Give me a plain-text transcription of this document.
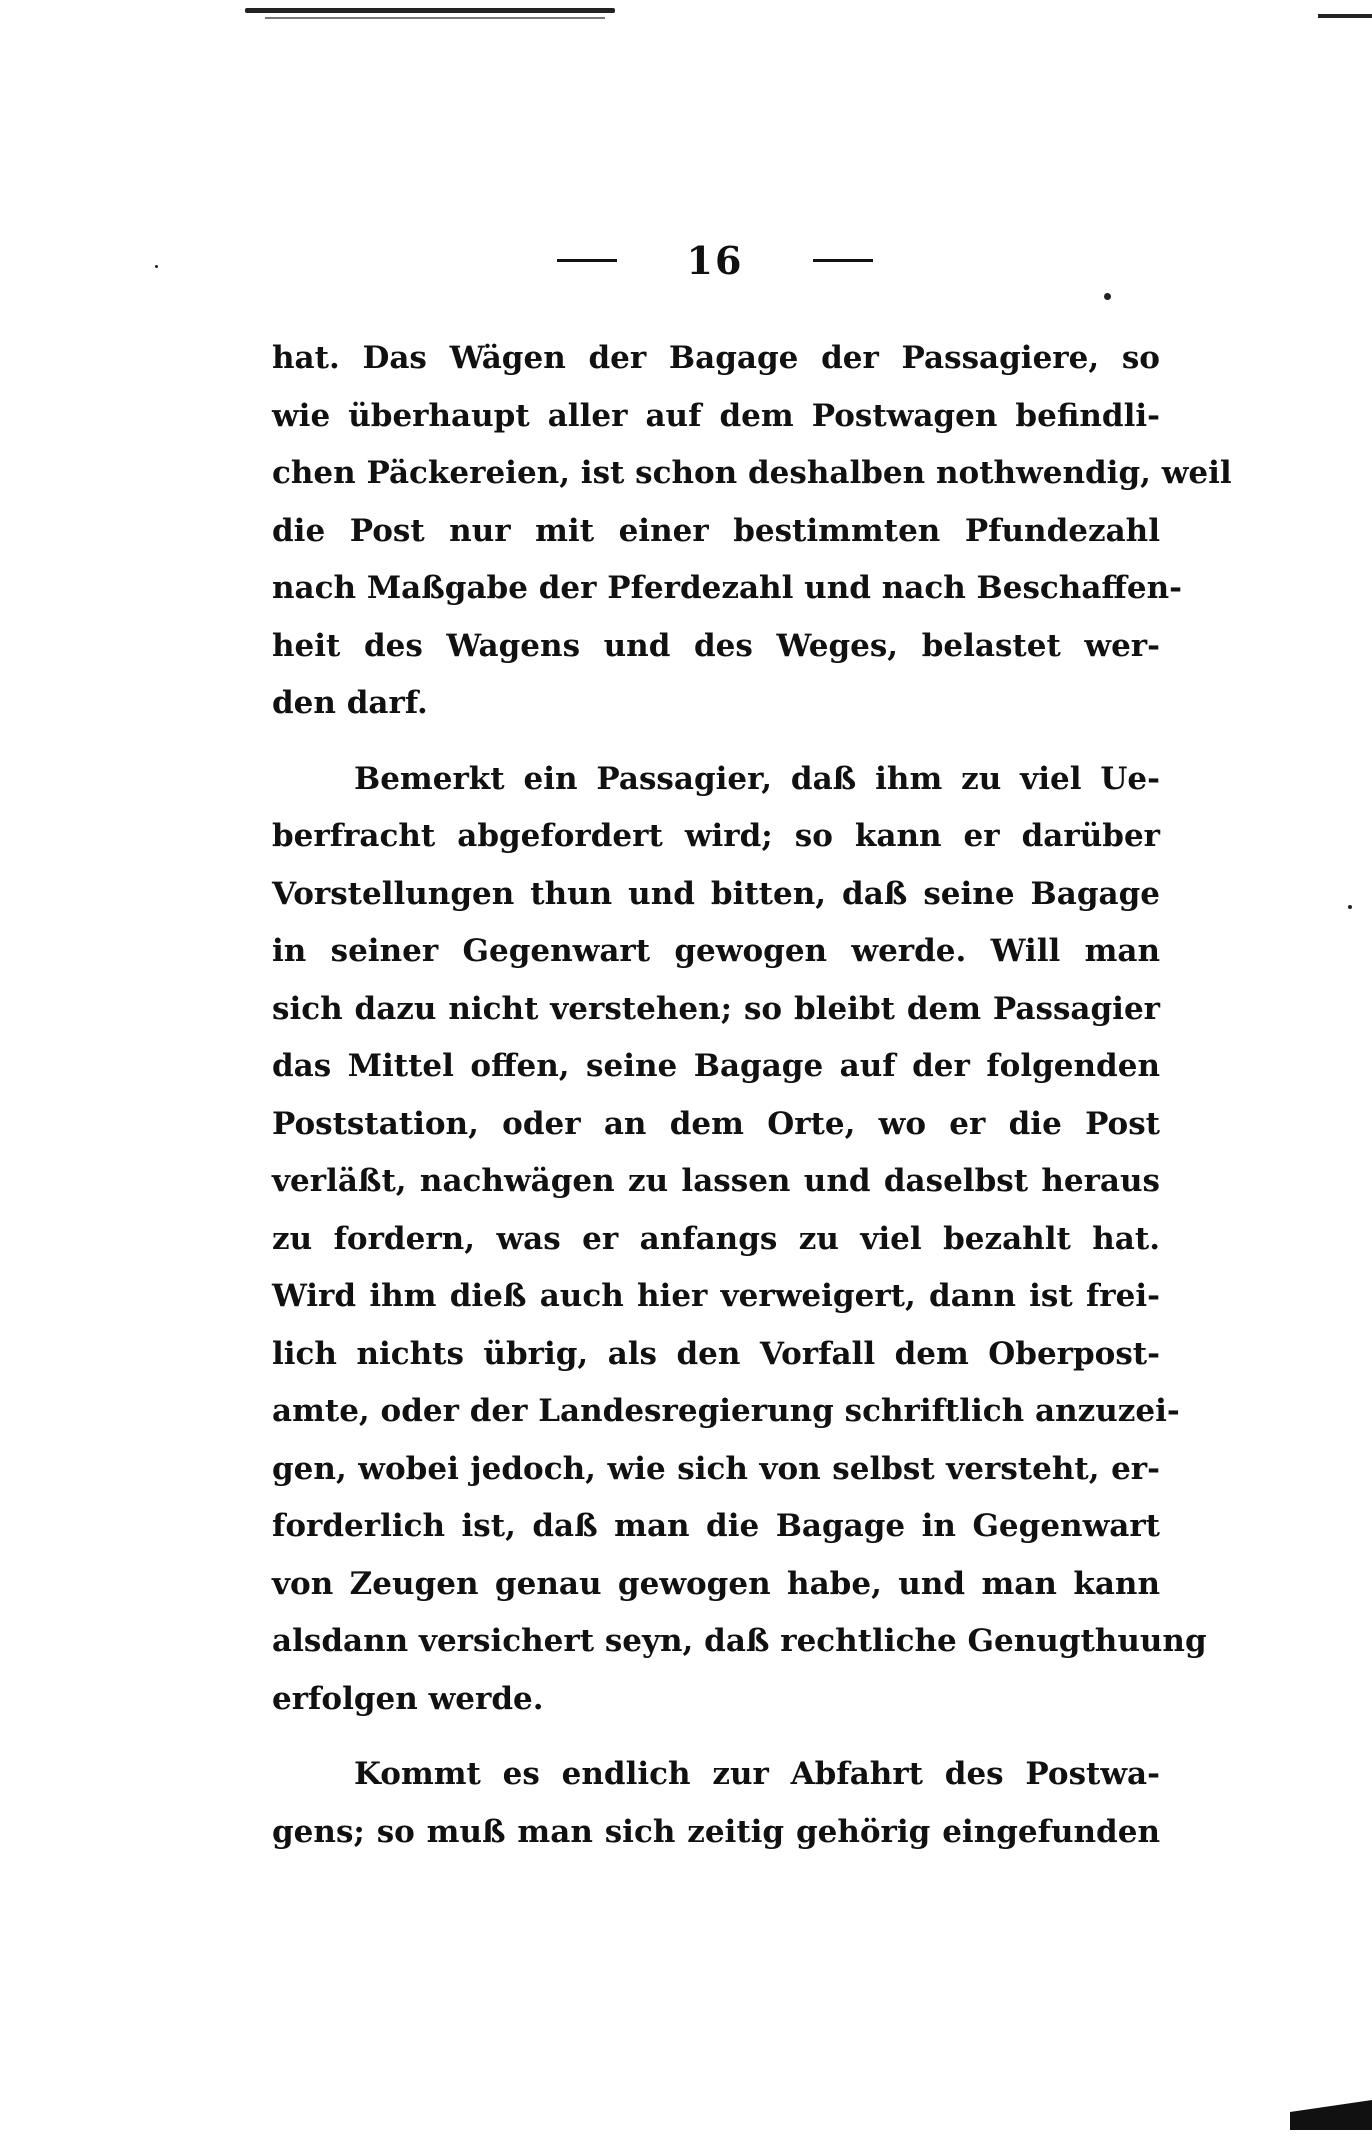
16
hat. Das Wägen der Bagage der Passagiere, so
wie überhaupt aller auf dem Postwagen befindli-
chen Päckereien, ist schon deshalben nothwendig, weil
die Post nur mit einer bestimmten Pfundezahl
nach Maßgabe der Pferdezahl und nach Beschaffen-
heit des Wagens und des Weges, belastet wer-
den darf.
Bemerkt ein Passagier, daß ihm zu viel Ue-
berfracht abgefordert wird; so kann er darüber
Vorstellungen thun und bitten, daß seine Bagage
in seiner Gegenwart gewogen werde. Will man
sich dazu nicht verstehen; so bleibt dem Passagier
das Mittel offen, seine Bagage auf der folgenden
Poststation, oder an dem Orte, wo er die Post
verläßt, nachwägen zu lassen und daselbst heraus
zu fordern, was er anfangs zu viel bezahlt hat.
Wird ihm dieß auch hier verweigert, dann ist frei-
lich nichts übrig, als den Vorfall dem Oberpost-
amte, oder der Landesregierung schriftlich anzuzei-
gen, wobei jedoch, wie sich von selbst versteht, er-
forderlich ist, daß man die Bagage in Gegenwart
von Zeugen genau gewogen habe, und man kann
alsdann versichert seyn, daß rechtliche Genugthuung
erfolgen werde.
Kommt es endlich zur Abfahrt des Postwa-
gens; so muß man sich zeitig gehörig eingefunden
